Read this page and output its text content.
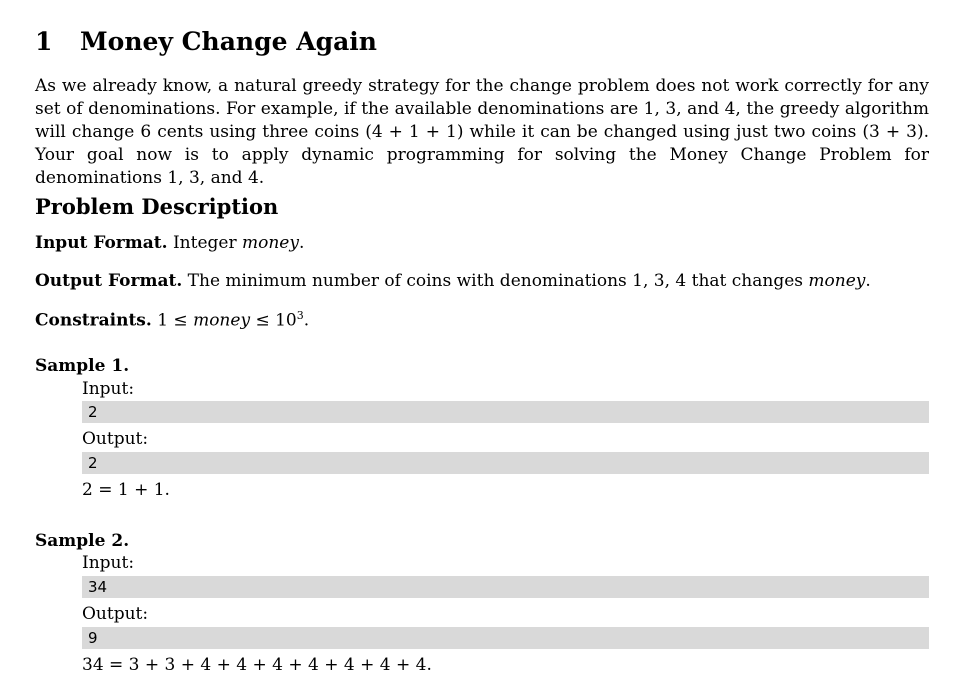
1 Money Change Again
As we already know, a natural greedy strategy for the change problem does not work correctly for any set of denominations. For example, if the available denominations are 1, 3, and 4, the greedy algorithm will change 6 cents using three coins (4 + 1 + 1) while it can be changed using just two coins (3 + 3). Your goal now is to apply dynamic programming for solving the Money Change Problem for denominations 1, 3, and 4.
Problem Description
Input Format. Integer money.
Output Format. The minimum number of coins with denominations 1, 3, 4 that changes money.
Constraints. 1 ≤ money ≤ $10^3$.
Sample 1.
Input:
2
Output:
2
2 = 1 + 1.
Sample 2.
Input:
34
Output:
9
34 = 3 + 3 + 4 + 4 + 4 + 4 + 4 + 4 + 4.
